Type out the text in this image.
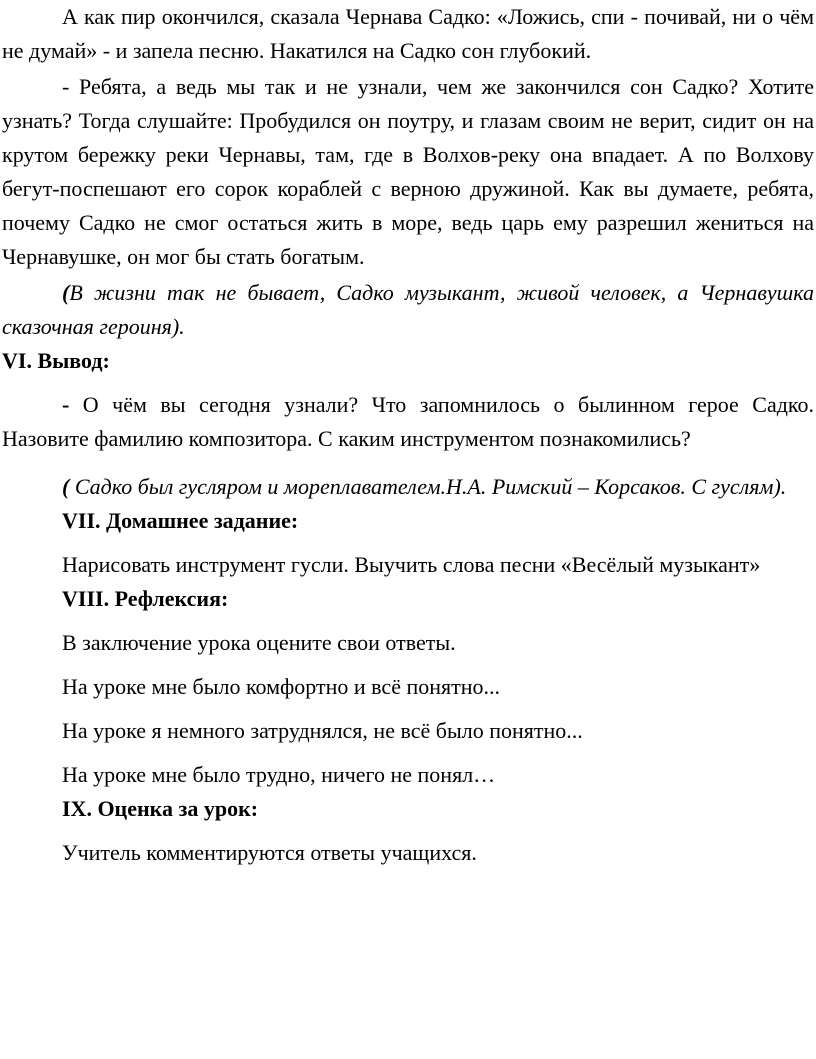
А как пир окончился, сказала Чернава Садко: «Ложись, спи - почивай, ни о чём не думай» - и запела песню. Накатился на Садко сон глубокий.

- Ребята, а ведь мы так и не узнали, чем же закончился сон Садко? Хотите узнать? Тогда слушайте: Пробудился он поутру, и глазам своим не верит, сидит он на крутом бережку реки Чернавы, там, где в Волхов-реку она впадает. А по Волхову бегут-поспешают его сорок кораблей с верною дружиной. Как вы думаете, ребята, почему Садко не смог остаться жить в море, ведь царь ему разрешил жениться на Чернавушке, он мог бы стать богатым.

(В жизни так не бывает, Садко музыкант, живой человек, а Чернавушка сказочная героиня).

VI. Вывод:

- О чём вы сегодня узнали? Что запомнилось о былинном герое Садко. Назовите фамилию композитора. С каким инструментом познакомились?

( Садко был гусляром и мореплавателем.Н.А. Римский – Корсаков. С гуслям).

VII. Домашнее задание:

Нарисовать инструмент гусли. Выучить слова песни «Весёлый музыкант»

VIII. Рефлексия:

В заключение урока оцените свои ответы.

На уроке мне было комфортно и всё понятно...

На уроке я немного затруднялся, не всё было понятно...

На уроке мне было трудно, ничего не понял…

IX. Оценка за урок:

Учитель комментируются ответы учащихся.
